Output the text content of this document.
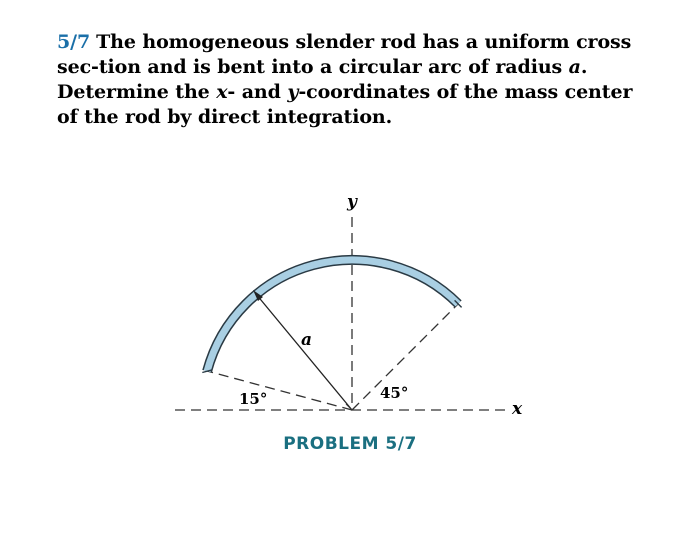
5/7 The homogeneous slender rod has a uniform cross sec-tion and is bent into a circular arc of radius a. Determine the x- and y-coordinates of the mass center of the rod by direct integration.
y
x
a
15°	45°
PROBLEM 5/7
